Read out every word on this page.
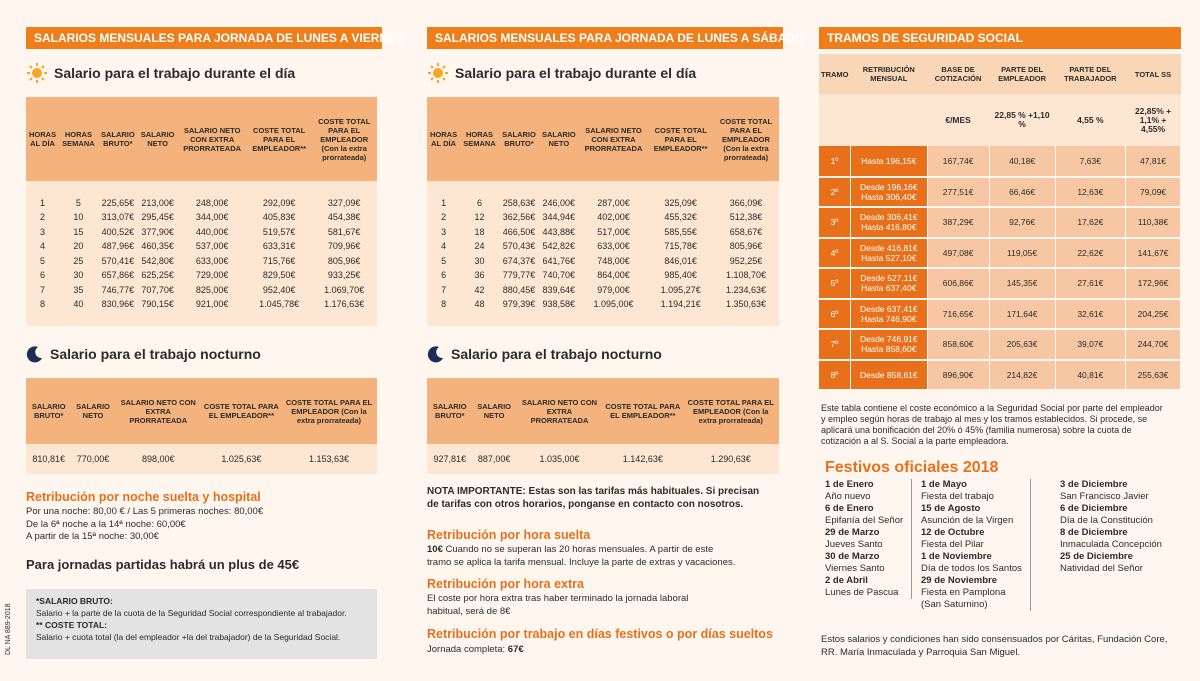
SALARIOS MENSUALES PARA JORNADA DE LUNES A VIERNES
Salario para el trabajo durante el día
HORAS AL DÍA	HORAS SEMANA	SALARIO BRUTO*	SALARIO NETO	SALARIO NETO CON EXTRA PRORRATEADA	COSTE TOTAL PARA EL EMPLEADOR**	COSTE TOTAL PARA EL EMPLEADOR (Con la extra prorrateada)

1	5	225,65€	213,00€	248,00€	292,09€	327,09€
2	10	313,07€	295,45€	344,00€	405,83€	454,38€
3	15	400,52€	377,90€	440,00€	519,57€	581,67€
4	20	487,96€	460,35€	537,00€	633,31€	709,96€
5	25	570,41€	542,80€	633,00€	715,76€	805,96€
6	30	657,86€	625,25€	729,00€	829,50€	933,25€
7	35	746,77€	707,70€	825,00€	952,40€	1.069,70€
8	40	830,96€	790,15€	921,00€	1.045,78€	1.176,63€

Salario para el trabajo nocturno
SALARIO BRUTO*	SALARIO NETO	SALARIO NETO CON EXTRA PRORRATEADA	COSTE TOTAL PARA EL EMPLEADOR**	COSTE TOTAL PARA EL EMPLEADOR (Con la extra prorrateada)
810,81€	770,00€	898,00€	1.025,63€	1.153,63€
Retribución por noche suelta y hospital
Por una noche: 80,00 € / Las 5 primeras noches: 80,00€
De la 6ª noche a la 14ª noche: 60,00€
A partir de la 15ª noche: 30,00€
Para jornadas partidas habrá un plus de 45€
*SALARIO BRUTO:
Salario + la parte de la cuota de la Seguridad Social correspondiente al trabajador.
** COSTE TOTAL:
Salario + cuota total (la del empleador +la del trabajador) de la Seguridad Social.
DL NA 889-2018
SALARIOS MENSUALES PARA JORNADA DE LUNES A SÁBADO
Salario para el trabajo durante el día
HORAS AL DÍA	HORAS SEMANA	SALARIO BRUTO*	SALARIO NETO	SALARIO NETO CON EXTRA PRORRATEADA	COSTE TOTAL PARA EL EMPLEADOR**	COSTE TOTAL PARA EL EMPLEADOR (Con la extra prorrateada)

1	6	258,63€	246,00€	287,00€	325,09€	366,09€
2	12	362,56€	344,94€	402,00€	455,32€	512,38€
3	18	466,50€	443,88€	517,00€	585,55€	658,67€
4	24	570,43€	542,82€	633,00€	715,78€	805,96€
5	30	674,37€	641,76€	748,00€	846,01€	952,25€
6	36	779,77€	740,70€	864,00€	985,40€	1.108,70€
7	42	880,45€	839,64€	979,00€	1.095,27€	1.234,63€
8	48	979,39€	938,58€	1.095,00€	1.194,21€	1.350,63€

Salario para el trabajo nocturno
SALARIO BRUTO*	SALARIO NETO	SALARIO NETO CON EXTRA PRORRATEADA	COSTE TOTAL PARA EL EMPLEADOR**	COSTE TOTAL PARA EL EMPLEADOR (Con la extra prorrateada)
927,81€	887,00€	1.035,00€	1.142,63€	1.290,63€
NOTA IMPORTANTE: Estas son las tarifas más habituales. Si precisan
de tarifas con otros horarios, ponganse en contacto con nosotros.
Retribución por hora suelta
10€ Cuando no se superan las 20 horas mensuales. A partir de este
tramo se aplica la tarifa mensual. Incluye la parte de extras y vacaciones.
Retribución por hora extra
El coste por hora extra tras haber terminado la jornada laboral
habitual, será de 8€
Retribución por trabajo en días festivos o por días sueltos
Jornada completa: 67€
TRAMOS DE SEGURIDAD SOCIAL
TRAMO	RETRIBUCIÓN MENSUAL	BASE DE COTIZACIÓN	PARTE DEL EMPLEADOR	PARTE DEL TRABAJADOR	TOTAL SS
		€/MES	22,85 % +1,10 %	4,55 %	22,85% + 1,1% + 4,55%
1º	Hasta 196,15€	167,74€	40,18€	7,63€	47,81€
2º	Desde 196,16€ Hasta 306,40€	277,51€	66,46€	12,63€	79,09€
3º	Desde 306,41€ Hasta 416,80€	387,29€	92,76€	17,62€	110,38€
4º	Desde 416,81€ Hasta 527,10€	497,08€	119,05€	22,62€	141,67€
5º	Desde 527,11€ Hasta 637,40€	606,86€	145,35€	27,61€	172,96€
6º	Desde 637,41€ Hasta 746,90€	716,65€	171,64€	32,61€	204,25€
7º	Desde 746,91€ Hasta 858,60€	858,60€	205,63€	39,07€	244,70€
8º	Desde 858,61€	896,90€	214,82€	40,81€	255,63€
Este tabla contiene el coste económico a la Seguridad Social por parte del empleador
y empleo según horas de trabajo al mes y los tramos establecidos. Si procede, se
aplicará una bonificación del 20% ó 45% (familia numerosa) sobre la cuota de
cotización a al S. Social a la parte empleadora.
Festivos oficiales 2018
1 de Enero
Año nuevo
6 de Enero
Epifanía del Señor
29 de Marzo
Jueves Santo
30 de Marzo
Viernes Santo
2 de Abril
Lunes de Pascua
1 de Mayo
Fiesta del trabajo
15 de Agosto
Asunción de la Virgen
12 de Octubre
Fiesta del Pilar
1 de Noviembre
Día de todos los Santos
29 de Noviembre
Fiesta en Pamplona
(San Saturnino)
3 de Diciembre
San Francisco Javier
6 de Diciembre
Día de la Constitución
8 de Diciembre
Inmaculada Concepción
25 de Diciembre
Natividad del Señor
Estos salarios y condiciones han sido consensuados por Cáritas, Fundación Core,
RR. María Inmaculada y Parroquia San Miguel.
